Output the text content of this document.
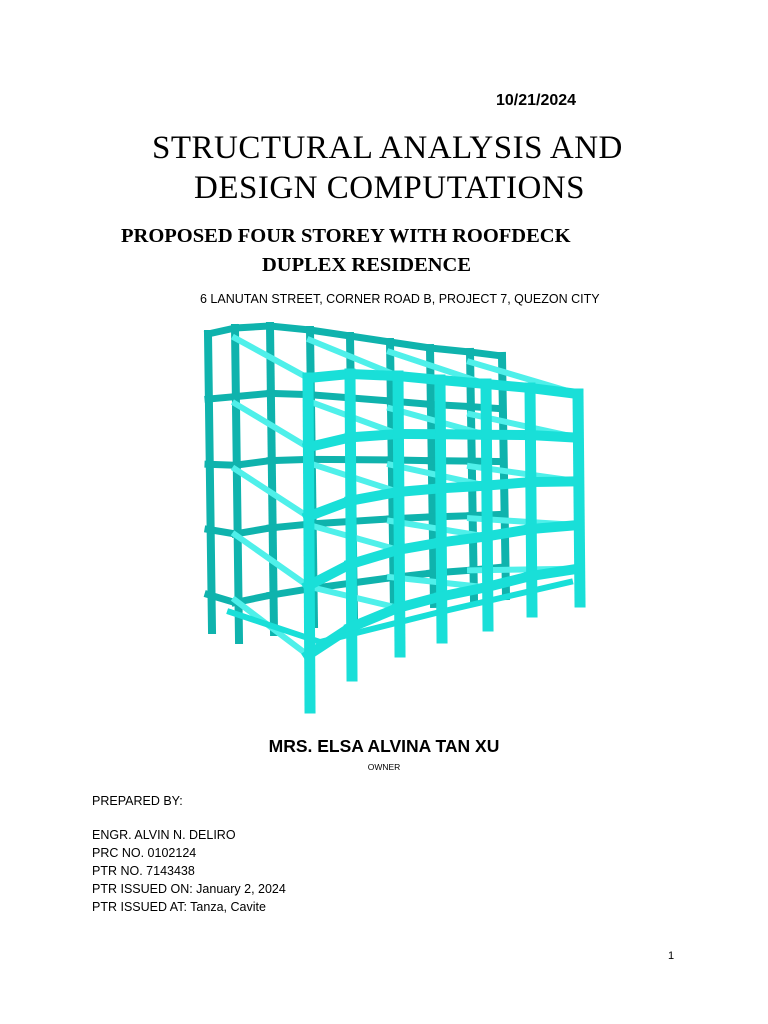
10/21/2024
STRUCTURAL ANALYSIS AND
DESIGN COMPUTATIONS
PROPOSED FOUR STOREY WITH ROOFDECK
DUPLEX RESIDENCE
6 LANUTAN STREET, CORNER ROAD B, PROJECT 7, QUEZON CITY
MRS. ELSA ALVINA TAN XU
OWNER
PREPARED BY:
ENGR. ALVIN N. DELIRO
PRC NO. 0102124
PTR NO. 7143438
PTR ISSUED ON: January 2, 2024
PTR ISSUED AT: Tanza, Cavite
1
